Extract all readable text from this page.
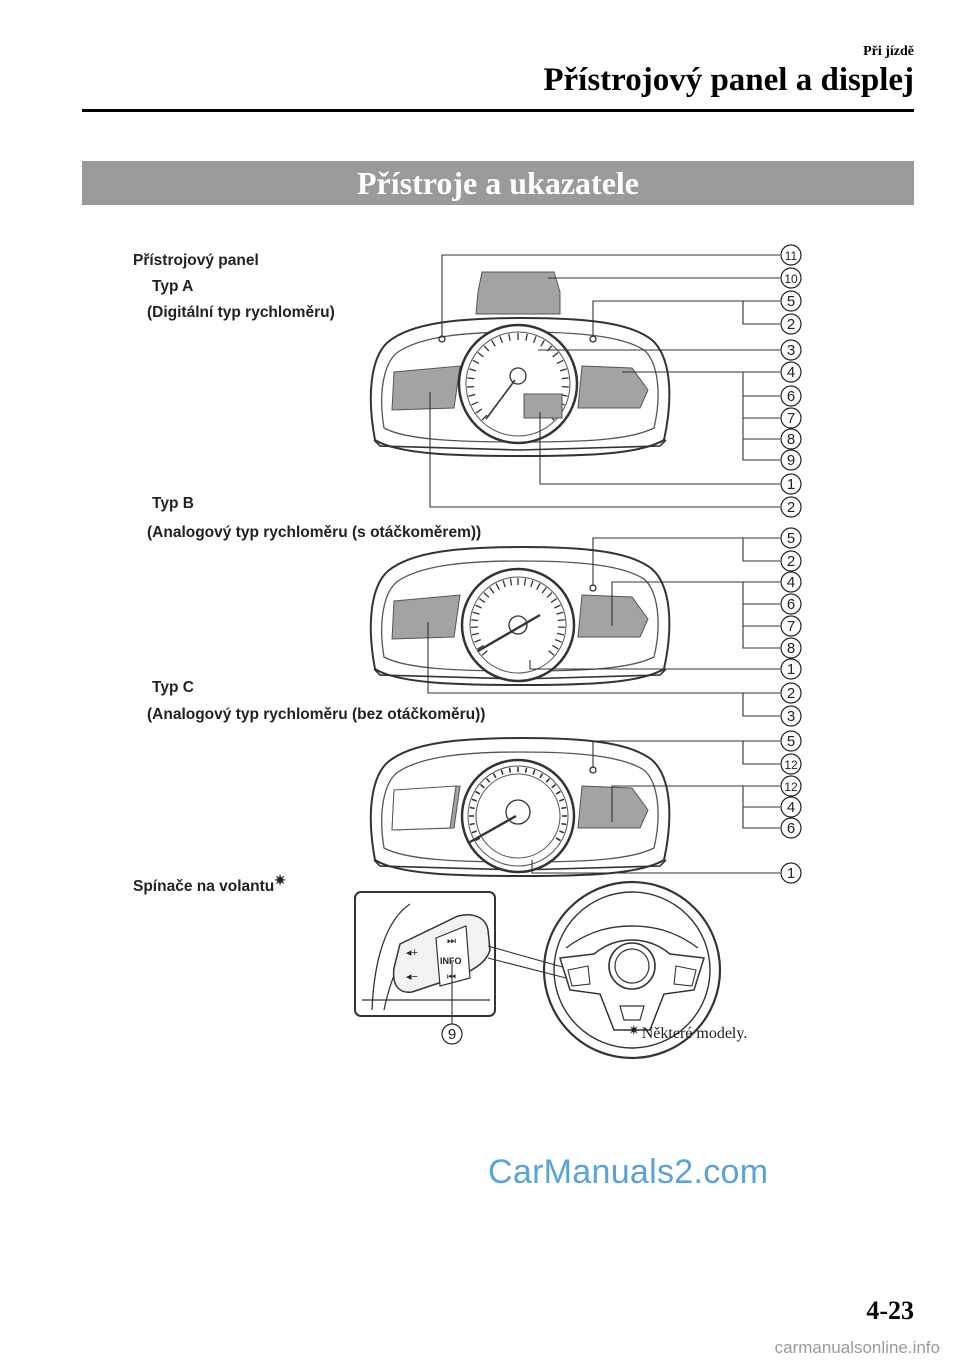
Při jízdě
Přístrojový panel a displej
Přístroje a ukazatele
Přístrojový panel
Typ A
(Digitální typ rychloměru)
Typ B
(Analogový typ rychloměru (s otáčkoměrem))
Typ C
(Analogový typ rychloměru (bez otáčkoměru))
Spínače na volantu✷
INFO
⏭
⏮
◂+
◂−
11
10
5
2
3
4
6
7
8
9
1
2
5
2
4
6
7
8
1
2
3
5
12
12
4
6
1
9	✷ Některé modely.
CarManuals2.com
4-23
carmanualsonline.info
